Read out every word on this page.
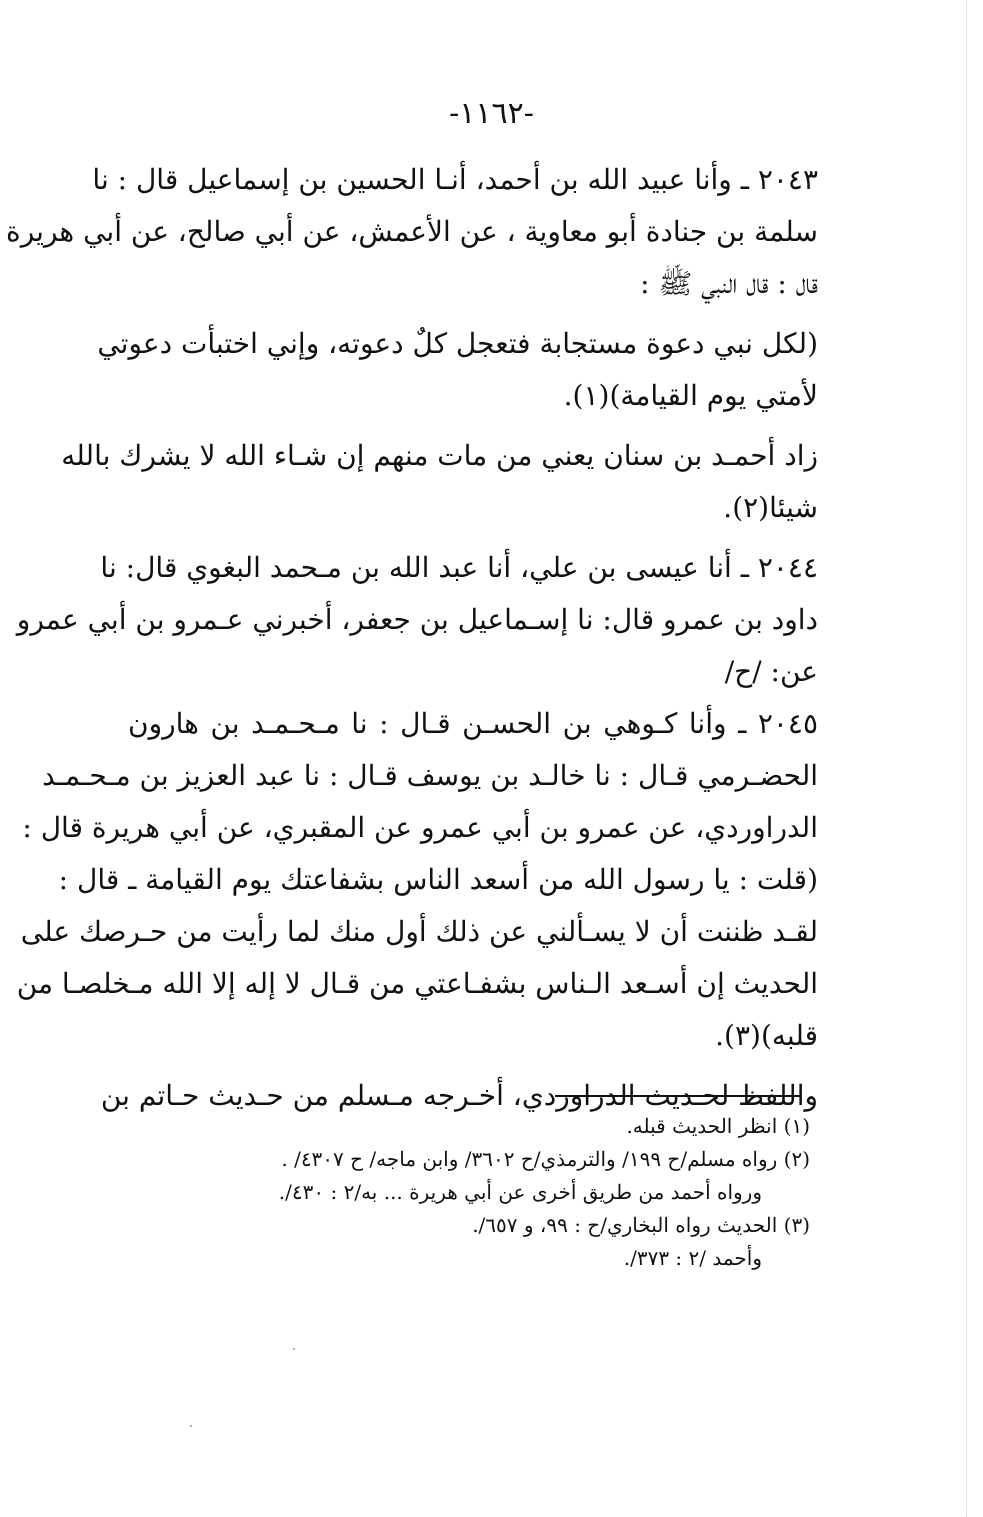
-١١٦٢-
٢٠٤٣ ـ وأنا عبيد الله بن أحمد، أنـا الحسين بن إسماعيل قال : نا
سلمة بن جنادة أبو معاوية ، عن الأعمش، عن أبي صالح، عن أبي هريرة
قال : قال النبي ﷺ :
(لكل نبي دعوة مستجابة فتعجل كلٌ دعوته، وإني اختبأت دعوتي
لأمتي يوم القيامة)(١).
زاد أحمـد بن سنان يعني من مات منهم إن شـاء الله لا يشرك بالله
شيئا(٢).
٢٠٤٤ ـ أنا عيسى بن علي، أنا عبد الله بن مـحمد البغوي قال: نا
داود بن عمرو قال: نا إسـماعيل بن جعفر، أخبرني عـمرو بن أبي عمرو
عن: /ح/
٢٠٤٥ ـ وأنا كـوهي بن الحسـن قـال : نا مـحـمـد بن هارون
الحضـرمي قـال : نا خالـد بن يوسف قـال : نا عبد العزيز بن مـحـمـد
الدراوردي، عن عمرو بن أبي عمرو عن المقبري، عن أبي هريرة قال :
(قلت : يا رسول الله من أسعد الناس بشفاعتك يوم القيامة ـ قال :
لقـد ظننت أن لا يسـألني عن ذلك أول منك لما رأيت من حـرصك على
الحديث إن أسـعد الـناس بشفـاعتي من قـال لا إله إلا الله مـخلصـا من
قلبه)(٣).
واللفظ لحـديث الدراوردي، أخـرجه مـسلم من حـديث حـاتم بن
(١) انظر الحديث قبله.
(٢) رواه مسلم/ح ١٩٩/ والترمذي/ح ٣٦٠٢/ وابن ماجه/ ح ٤٣٠٧/ .
ورواه أحمد من طريق أخرى عن أبي هريرة ... به/٢ : ٤٣٠/.
(٣) الحديث رواه البخاري/ح : ٩٩، و ٦٥٧/.
وأحمد /٢ : ٣٧٣/.
